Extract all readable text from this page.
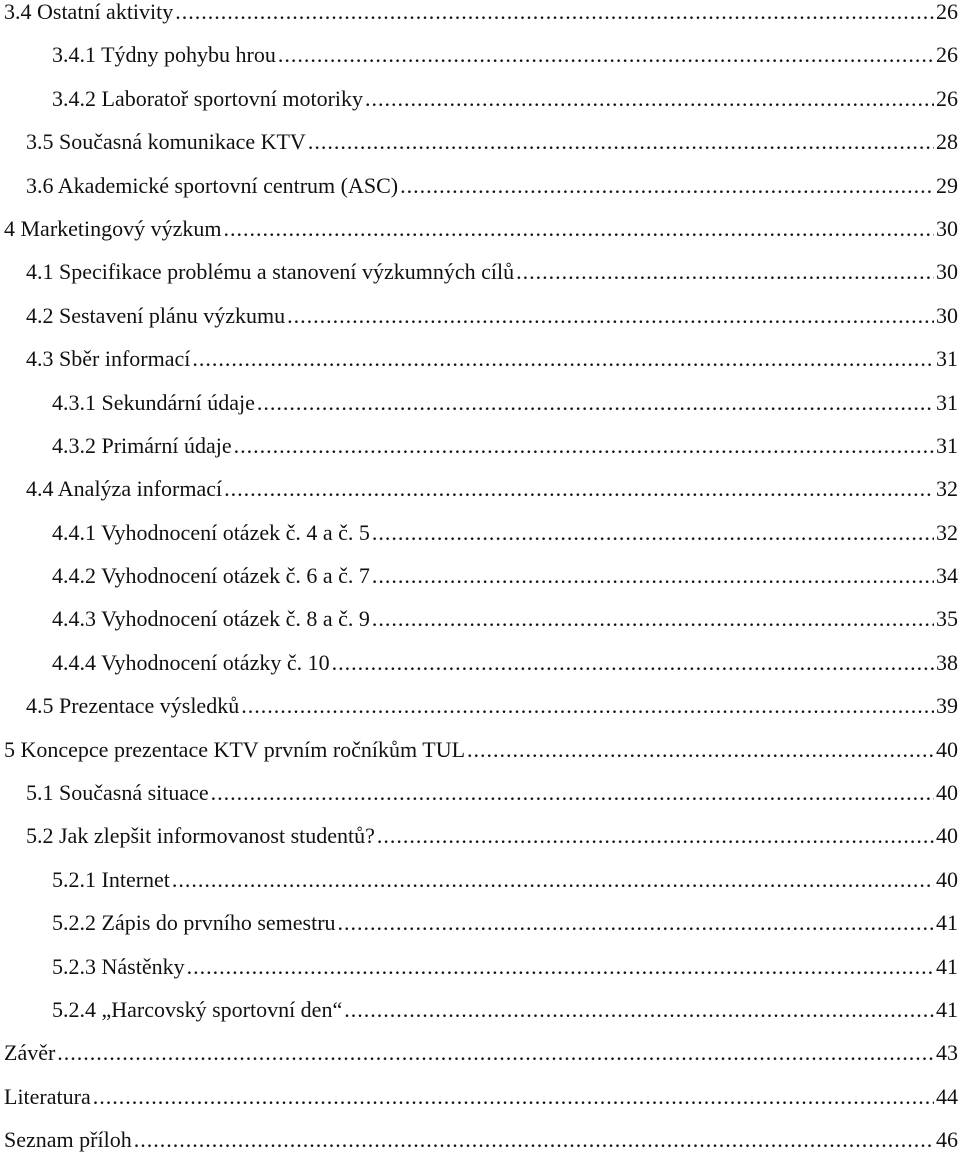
3.4 Ostatní aktivity .....	26
3.4.1 Týdny pohybu hrou .....	26
3.4.2 Laboratoř sportovní motoriky .....	26
3.5 Současná komunikace KTV .....	28
3.6 Akademické sportovní centrum (ASC) .....	29
4 Marketingový výzkum .....	30
4.1 Specifikace problému a stanovení výzkumných cílů .....	30
4.2 Sestavení plánu výzkumu .....	30
4.3 Sběr informací .....	31
4.3.1 Sekundární údaje .....	31
4.3.2 Primární údaje .....	31
4.4 Analýza informací .....	32
4.4.1 Vyhodnocení otázek č. 4 a č. 5 .....	32
4.4.2 Vyhodnocení otázek č. 6 a č. 7 .....	34
4.4.3 Vyhodnocení otázek č. 8 a č. 9 .....	35
4.4.4 Vyhodnocení otázky č. 10 .....	38
4.5 Prezentace výsledků .....	39
5 Koncepce prezentace KTV prvním ročníkům TUL .....	40
5.1 Současná situace .....	40
5.2 Jak zlepšit informovanost studentů? .....	40
5.2.1 Internet .....	40
5.2.2 Zápis do prvního semestru .....	41
5.2.3 Nástěnky .....	41
5.2.4 „Harcovský sportovní den“ .....	41
Závěr .....	43
Literatura .....	44
Seznam příloh .....	46
